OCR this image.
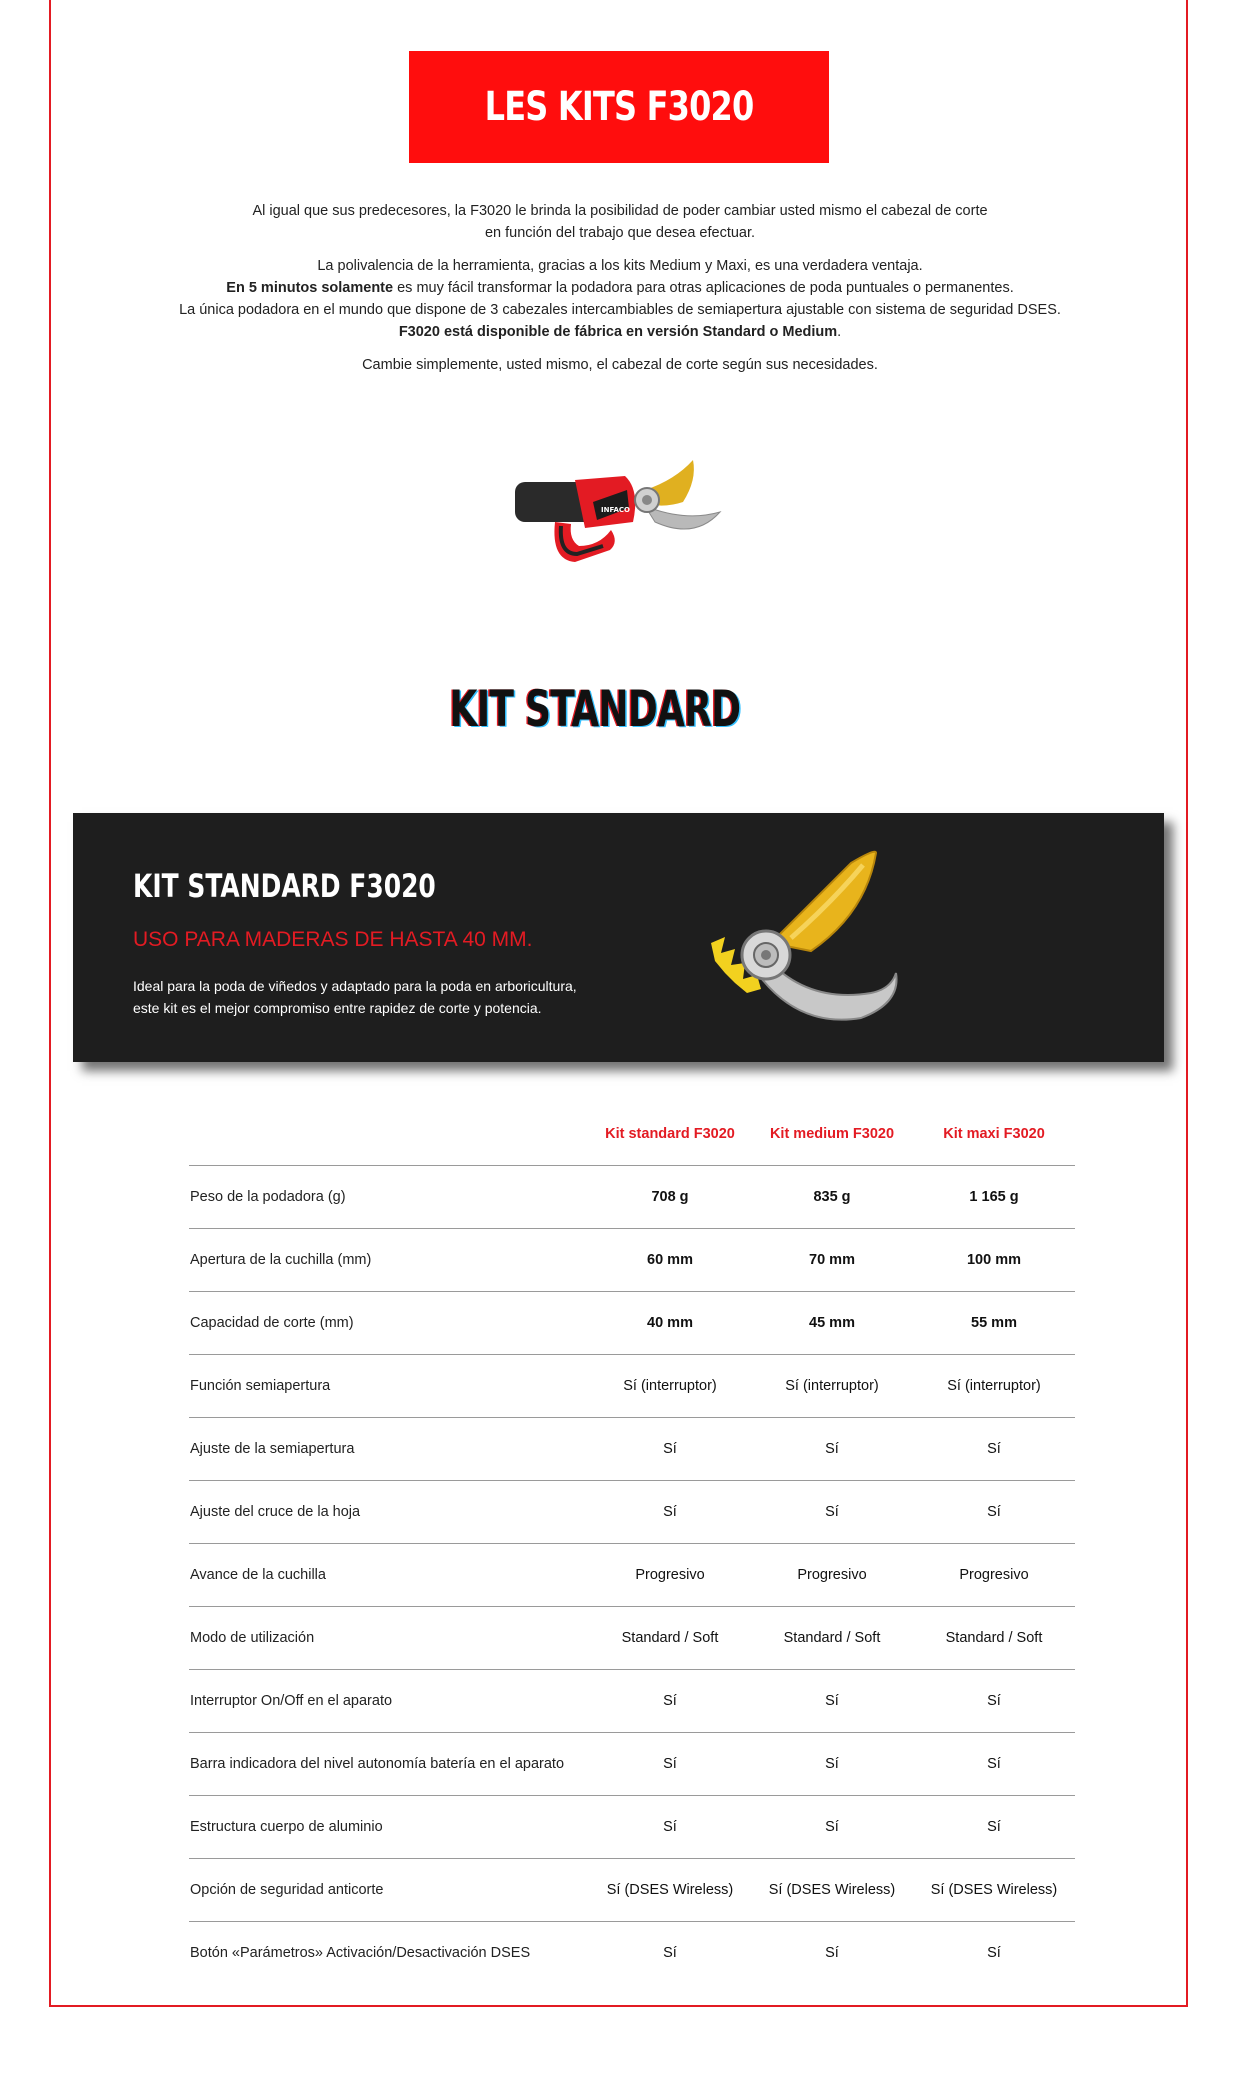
LES KITS F3020

Al igual que sus predecesores, la F3020 le brinda la posibilidad de poder cambiar usted mismo el cabezal de corte
en función del trabajo que desea efectuar.

La polivalencia de la herramienta, gracias a los kits Medium y Maxi, es una verdadera ventaja.
En 5 minutos solamente es muy fácil transformar la podadora para otras aplicaciones de poda puntuales o permanentes.
La única podadora en el mundo que dispone de 3 cabezales intercambiables de semiapertura ajustable con sistema de seguridad DSES.
F3020 está disponible de fábrica en versión Standard o Medium.

Cambie simplemente, usted mismo, el cabezal de corte según sus necesidades.

INFACO
KIT STANDARD
KIT STANDARD F3020
USO PARA MADERAS DE HASTA 40 MM.

Ideal para la poda de viñedos y adaptado para la poda en arboricultura,
este kit es el mejor compromiso entre rapidez de corte y potencia.

	Kit standard F3020	Kit medium F3020	Kit maxi F3020
Peso de la podadora (g)	708 g	835 g	1 165 g
Apertura de la cuchilla (mm)	60 mm	70 mm	100 mm
Capacidad de corte (mm)	40 mm	45 mm	55 mm
Función semiapertura	Sí (interruptor)	Sí (interruptor)	Sí (interruptor)
Ajuste de la semiapertura	Sí	Sí	Sí
Ajuste del cruce de la hoja	Sí	Sí	Sí
Avance de la cuchilla	Progresivo	Progresivo	Progresivo
Modo de utilización	Standard / Soft	Standard / Soft	Standard / Soft
Interruptor On/Off en el aparato	Sí	Sí	Sí
Barra indicadora del nivel autonomía batería en el aparato	Sí	Sí	Sí
Estructura cuerpo de aluminio	Sí	Sí	Sí
Opción de seguridad anticorte	Sí (DSES Wireless)	Sí (DSES Wireless)	Sí (DSES Wireless)
Botón «Parámetros» Activación/Desactivación DSES	Sí	Sí	Sí
